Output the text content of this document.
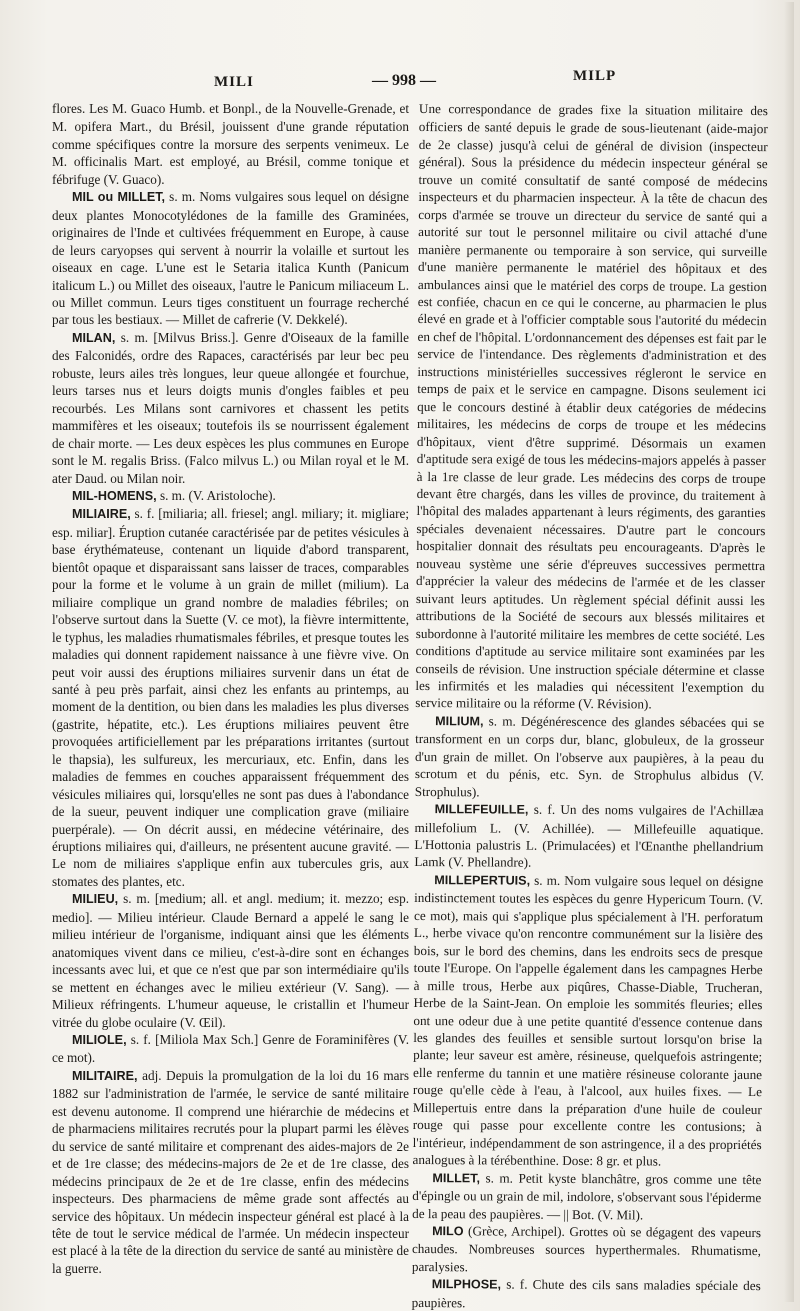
MILI	— 998 —	MILP

flores. Les M. Guaco Humb. et Bonpl., de la Nouvelle-Grenade, et M. opifera Mart., du Brésil, jouissent d'une grande réputation comme spécifiques contre la morsure des serpents venimeux. Le M. officinalis Mart. est employé, au Brésil, comme tonique et fébrifuge (V. Guaco).

MIL ou MILLET, s. m. Noms vulgaires sous lequel on désigne deux plantes Monocotylédones de la famille des Graminées, originaires de l'Inde et cultivées fréquemment en Europe, à cause de leurs caryopses qui servent à nourrir la volaille et surtout les oiseaux en cage. L'une est le Setaria italica Kunth (Panicum italicum L.) ou Millet des oiseaux, l'autre le Panicum miliaceum L. ou Millet commun. Leurs tiges constituent un fourrage recherché par tous les bestiaux. — Millet de cafrerie (V. Dekkelé).

MILAN, s. m. [Milvus Briss.]. Genre d'Oiseaux de la famille des Falconidés, ordre des Rapaces, caractérisés par leur bec peu robuste, leurs ailes très longues, leur queue allongée et fourchue, leurs tarses nus et leurs doigts munis d'ongles faibles et peu recourbés. Les Milans sont carnivores et chassent les petits mammifères et les oiseaux; toutefois ils se nourrissent également de chair morte. — Les deux espèces les plus communes en Europe sont le M. regalis Briss. (Falco milvus L.) ou Milan royal et le M. ater Daud. ou Milan noir.

MIL-HOMENS, s. m. (V. Aristoloche).

MILIAIRE, s. f. [miliaria; all. friesel; angl. miliary; it. migliare; esp. miliar]. Éruption cutanée caractérisée par de petites vésicules à base érythémateuse, contenant un liquide d'abord transparent, bientôt opaque et disparaissant sans laisser de traces, comparables pour la forme et le volume à un grain de millet (milium). La miliaire complique un grand nombre de maladies fébriles; on l'observe surtout dans la Suette (V. ce mot), la fièvre intermittente, le typhus, les maladies rhumatismales fébriles, et presque toutes les maladies qui donnent rapidement naissance à une fièvre vive. On peut voir aussi des éruptions miliaires survenir dans un état de santé à peu près parfait, ainsi chez les enfants au printemps, au moment de la dentition, ou bien dans les maladies les plus diverses (gastrite, hépatite, etc.). Les éruptions miliaires peuvent être provoquées artificiellement par les préparations irritantes (surtout le thapsia), les sulfureux, les mercuriaux, etc. Enfin, dans les maladies de femmes en couches apparaissent fréquemment des vésicules miliaires qui, lorsqu'elles ne sont pas dues à l'abondance de la sueur, peuvent indiquer une complication grave (miliaire puerpérale). — On décrit aussi, en médecine vétérinaire, des éruptions miliaires qui, d'ailleurs, ne présentent aucune gravité. — Le nom de miliaires s'applique enfin aux tubercules gris, aux stomates des plantes, etc.

MILIEU, s. m. [medium; all. et angl. medium; it. mezzo; esp. medio]. — Milieu intérieur. Claude Bernard a appelé le sang le milieu intérieur de l'organisme, indiquant ainsi que les éléments anatomiques vivent dans ce milieu, c'est-à-dire sont en échanges incessants avec lui, et que ce n'est que par son intermédiaire qu'ils se mettent en échanges avec le milieu extérieur (V. Sang). — Milieux réfringents. L'humeur aqueuse, le cristallin et l'humeur vitrée du globe oculaire (V. Œil).

MILIOLE, s. f. [Miliola Max Sch.] Genre de Foraminifères (V. ce mot).

MILITAIRE, adj. Depuis la promulgation de la loi du 16 mars 1882 sur l'administration de l'armée, le service de santé militaire est devenu autonome. Il comprend une hiérarchie de médecins et de pharmaciens militaires recrutés pour la plupart parmi les élèves du service de santé militaire et comprenant des aides-majors de 2e et de 1re classe; des médecins-majors de 2e et de 1re classe, des médecins principaux de 2e et de 1re classe, enfin des médecins inspecteurs. Des pharmaciens de même grade sont affectés au service des hôpitaux. Un médecin inspecteur général est placé à la tête de tout le service médical de l'armée. Un médecin inspecteur est placé à la tête de la direction du service de santé au ministère de la guerre.

Une correspondance de grades fixe la situation militaire des officiers de santé depuis le grade de sous-lieutenant (aide-major de 2e classe) jusqu'à celui de général de division (inspecteur général). Sous la présidence du médecin inspecteur général se trouve un comité consultatif de santé composé de médecins inspecteurs et du pharmacien inspecteur. À la tête de chacun des corps d'armée se trouve un directeur du service de santé qui a autorité sur tout le personnel militaire ou civil attaché d'une manière permanente ou temporaire à son service, qui surveille d'une manière permanente le matériel des hôpitaux et des ambulances ainsi que le matériel des corps de troupe. La gestion est confiée, chacun en ce qui le concerne, au pharmacien le plus élevé en grade et à l'officier comptable sous l'autorité du médecin en chef de l'hôpital. L'ordonnancement des dépenses est fait par le service de l'intendance. Des règlements d'administration et des instructions ministérielles successives régleront le service en temps de paix et le service en campagne. Disons seulement ici que le concours destiné à établir deux catégories de médecins militaires, les médecins de corps de troupe et les médecins d'hôpitaux, vient d'être supprimé. Désormais un examen d'aptitude sera exigé de tous les médecins-majors appelés à passer à la 1re classe de leur grade. Les médecins des corps de troupe devant être chargés, dans les villes de province, du traitement à l'hôpital des malades appartenant à leurs régiments, des garanties spéciales devenaient nécessaires. D'autre part le concours hospitalier donnait des résultats peu encourageants. D'après le nouveau système une série d'épreuves successives permettra d'apprécier la valeur des médecins de l'armée et de les classer suivant leurs aptitudes. Un règlement spécial définit aussi les attributions de la Société de secours aux blessés militaires et subordonne à l'autorité militaire les membres de cette société. Les conditions d'aptitude au service militaire sont examinées par les conseils de révision. Une instruction spéciale détermine et classe les infirmités et les maladies qui nécessitent l'exemption du service militaire ou la réforme (V. Révision).

MILIUM, s. m. Dégénérescence des glandes sébacées qui se transforment en un corps dur, blanc, globuleux, de la grosseur d'un grain de millet. On l'observe aux paupières, à la peau du scrotum et du pénis, etc. Syn. de Strophulus albidus (V. Strophulus).

MILLEFEUILLE, s. f. Un des noms vulgaires de l'Achillæa millefolium L. (V. Achillée). — Millefeuille aquatique. L'Hottonia palustris L. (Primulacées) et l'Œnanthe phellandrium Lamk (V. Phellandre).

MILLEPERTUIS, s. m. Nom vulgaire sous lequel on désigne indistinctement toutes les espèces du genre Hypericum Tourn. (V. ce mot), mais qui s'applique plus spécialement à l'H. perforatum L., herbe vivace qu'on rencontre communément sur la lisière des bois, sur le bord des chemins, dans les endroits secs de presque toute l'Europe. On l'appelle également dans les campagnes Herbe à mille trous, Herbe aux piqûres, Chasse-Diable, Trucheran, Herbe de la Saint-Jean. On emploie les sommités fleuries; elles ont une odeur due à une petite quantité d'essence contenue dans les glandes des feuilles et sensible surtout lorsqu'on brise la plante; leur saveur est amère, résineuse, quelquefois astringente; elle renferme du tannin et une matière résineuse colorante jaune rouge qu'elle cède à l'eau, à l'alcool, aux huiles fixes. — Le Millepertuis entre dans la préparation d'une huile de couleur rouge qui passe pour excellente contre les contusions; à l'intérieur, indépendamment de son astringence, il a des propriétés analogues à la térébenthine. Dose: 8 gr. et plus.

MILLET, s. m. Petit kyste blanchâtre, gros comme une tête d'épingle ou un grain de mil, indolore, s'observant sous l'épiderme de la peau des paupières. — || Bot. (V. Mil).

MILO (Grèce, Archipel). Grottes où se dégagent des vapeurs chaudes. Nombreuses sources hyperthermales. Rhumatisme, paralysies.

MILPHOSE, s. f. Chute des cils sans maladies spéciale des paupières.
